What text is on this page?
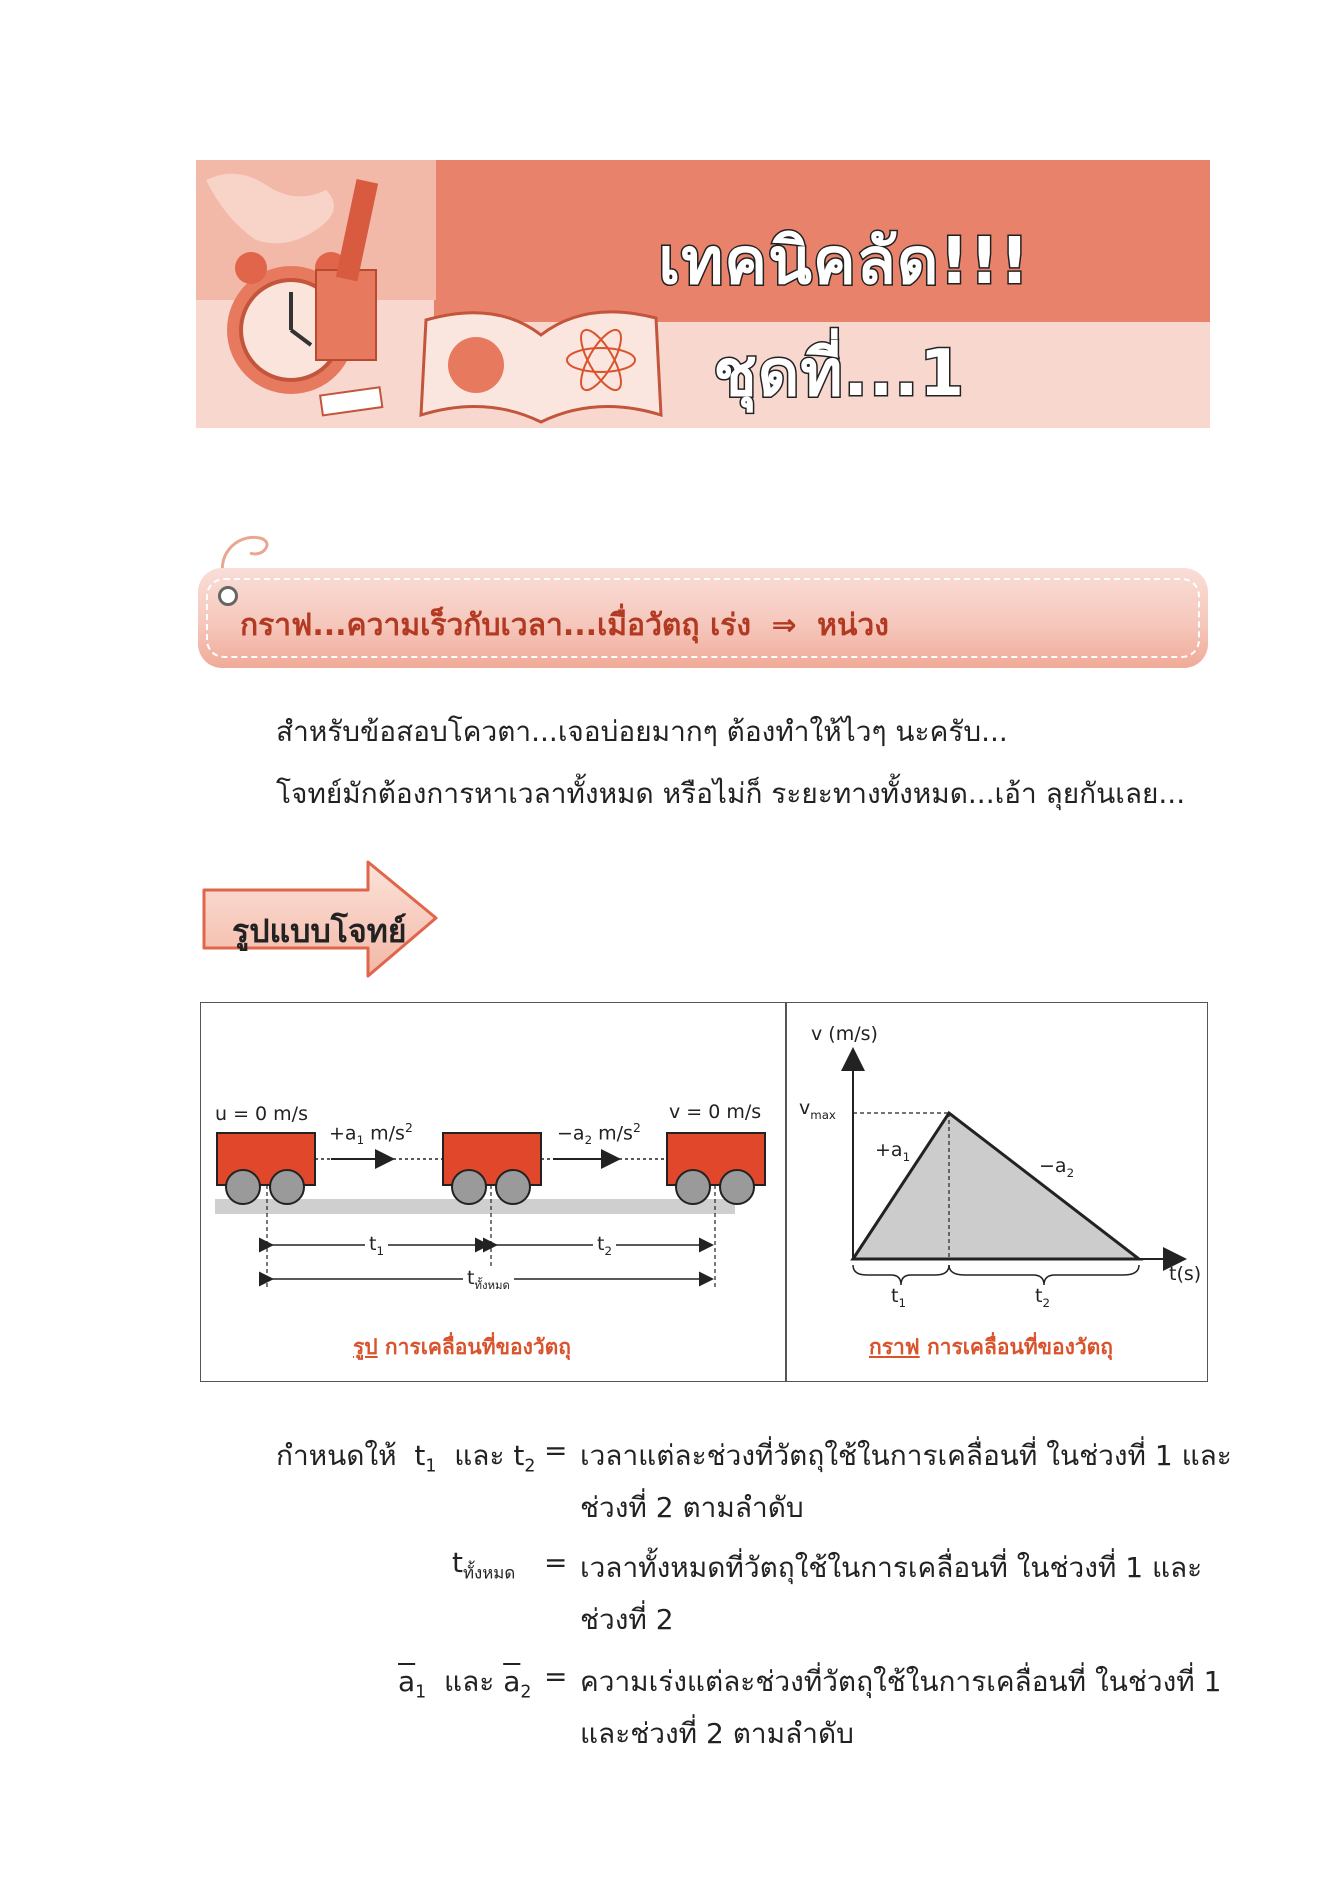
เทคนิคลัด!!!
ชุดที่...1
กราฟ...ความเร็วกับเวลา...เมื่อวัตถุ เร่ง ⇒ หน่วง
สำหรับข้อสอบโควตา...เจอบ่อยมากๆ ต้องทำให้ไวๆ นะครับ...
โจทย์มักต้องการหาเวลาทั้งหมด หรือไม่ก็ ระยะทางทั้งหมด...เอ้า ลุยกันเลย...
รูปแบบโจทย์
u = 0 m/s
$+a_1$ $m/s^2$	$-a_2$ $m/s^2$
v = 0 m/s
$t_1$	$t_2$
$t_{ทั้งหมด}$
รูป การเคลื่อนที่ของวัตถุ
v (m/s)
t(s)
$v_{max}$
$+a_1$	$-a_2$
$t_1$	$t_2$
กราฟ การเคลื่อนที่ของวัตถุ
กำหนดให้ $t_1$ และ $t_2$ = เวลาแต่ละช่วงที่วัตถุใช้ในการเคลื่อนที่ ในช่วงที่ 1 และ
ช่วงที่ 2 ตามลำดับ
$t_{ทั้งหมด}$ = เวลาทั้งหมดที่วัตถุใช้ในการเคลื่อนที่ ในช่วงที่ 1 และ
ช่วงที่ 2
$\overline{a}_1$ และ $\overline{a}_2$ = ความเร่งแต่ละช่วงที่วัตถุใช้ในการเคลื่อนที่ ในช่วงที่ 1
และช่วงที่ 2 ตามลำดับ
